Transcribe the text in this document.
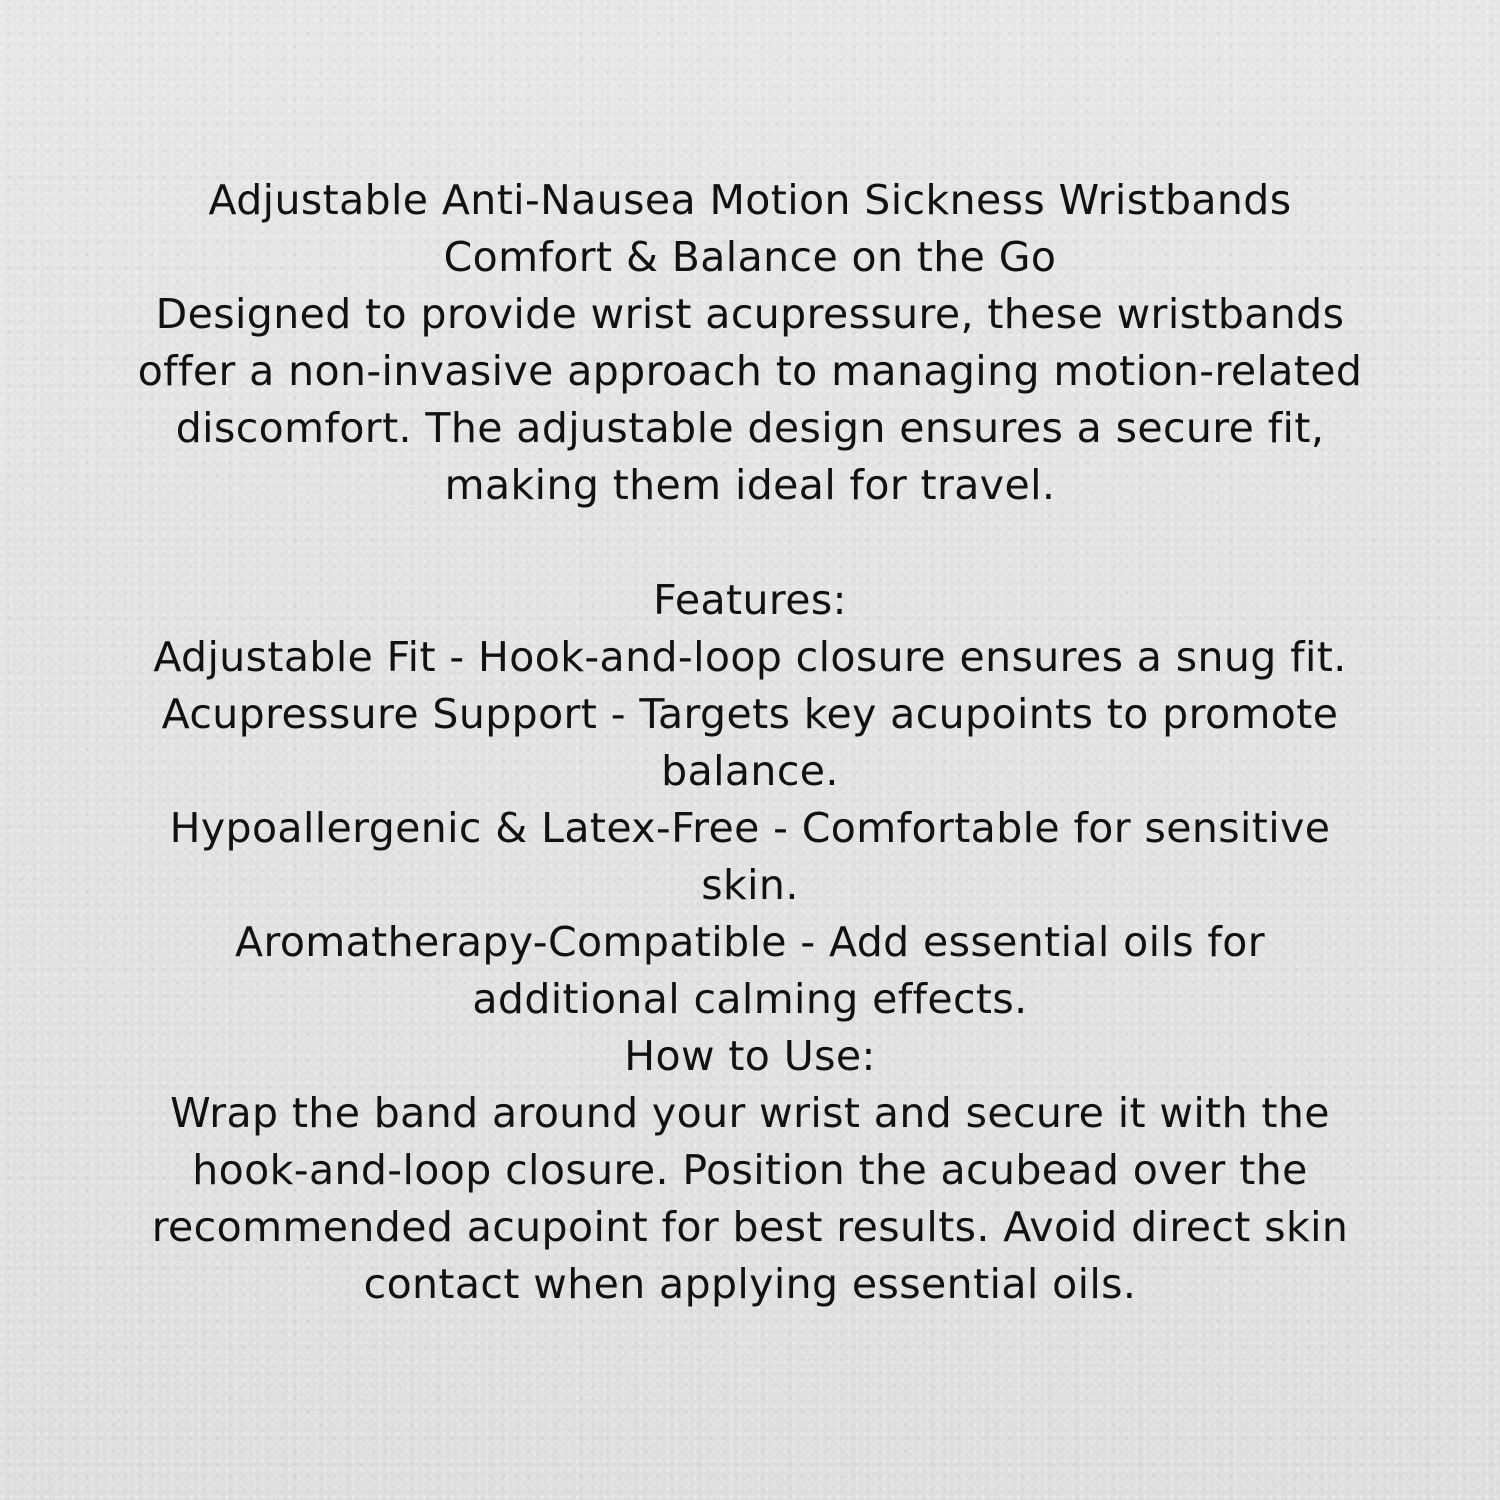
Adjustable Anti-Nausea Motion Sickness Wristbands
Comfort & Balance on the Go
Designed to provide wrist acupressure, these wristbands
offer a non-invasive approach to managing motion-related
discomfort. The adjustable design ensures a secure fit,
making them ideal for travel.
Features:
Adjustable Fit - Hook-and-loop closure ensures a snug fit.
Acupressure Support - Targets key acupoints to promote
balance.
Hypoallergenic & Latex-Free - Comfortable for sensitive
skin.
Aromatherapy-Compatible - Add essential oils for
additional calming effects.
How to Use:
Wrap the band around your wrist and secure it with the
hook-and-loop closure. Position the acubead over the
recommended acupoint for best results. Avoid direct skin
contact when applying essential oils.
